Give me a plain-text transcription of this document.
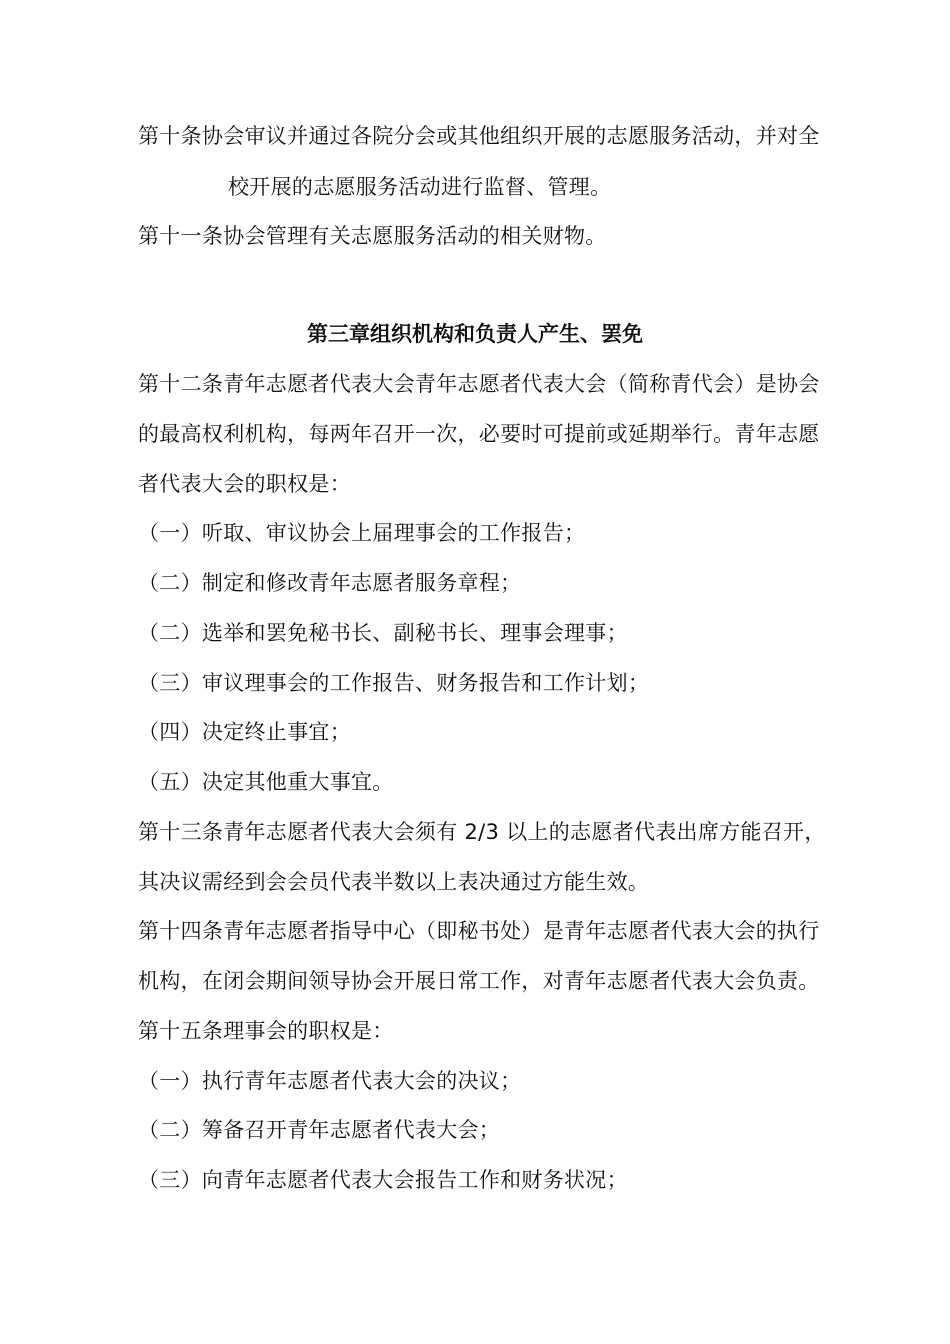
第十条协会审议并通过各院分会或其他组织开展的志愿服务活动，并对全
校开展的志愿服务活动进行监督、管理。
第十一条协会管理有关志愿服务活动的相关财物。
第三章组织机构和负责人产生、罢免
第十二条青年志愿者代表大会青年志愿者代表大会（简称青代会）是协会
的最高权利机构，每两年召开一次，必要时可提前或延期举行。青年志愿
者代表大会的职权是：
（一）听取、审议协会上届理事会的工作报告；
（二）制定和修改青年志愿者服务章程；
（二）选举和罢免秘书长、副秘书长、理事会理事；
（三）审议理事会的工作报告、财务报告和工作计划；
（四）决定终止事宜；
（五）决定其他重大事宜。
第十三条青年志愿者代表大会须有 2/3 以上的志愿者代表出席方能召开，
其决议需经到会会员代表半数以上表决通过方能生效。
第十四条青年志愿者指导中心（即秘书处）是青年志愿者代表大会的执行
机构，在闭会期间领导协会开展日常工作，对青年志愿者代表大会负责。
第十五条理事会的职权是：
（一）执行青年志愿者代表大会的决议；
（二）筹备召开青年志愿者代表大会；
（三）向青年志愿者代表大会报告工作和财务状况；
